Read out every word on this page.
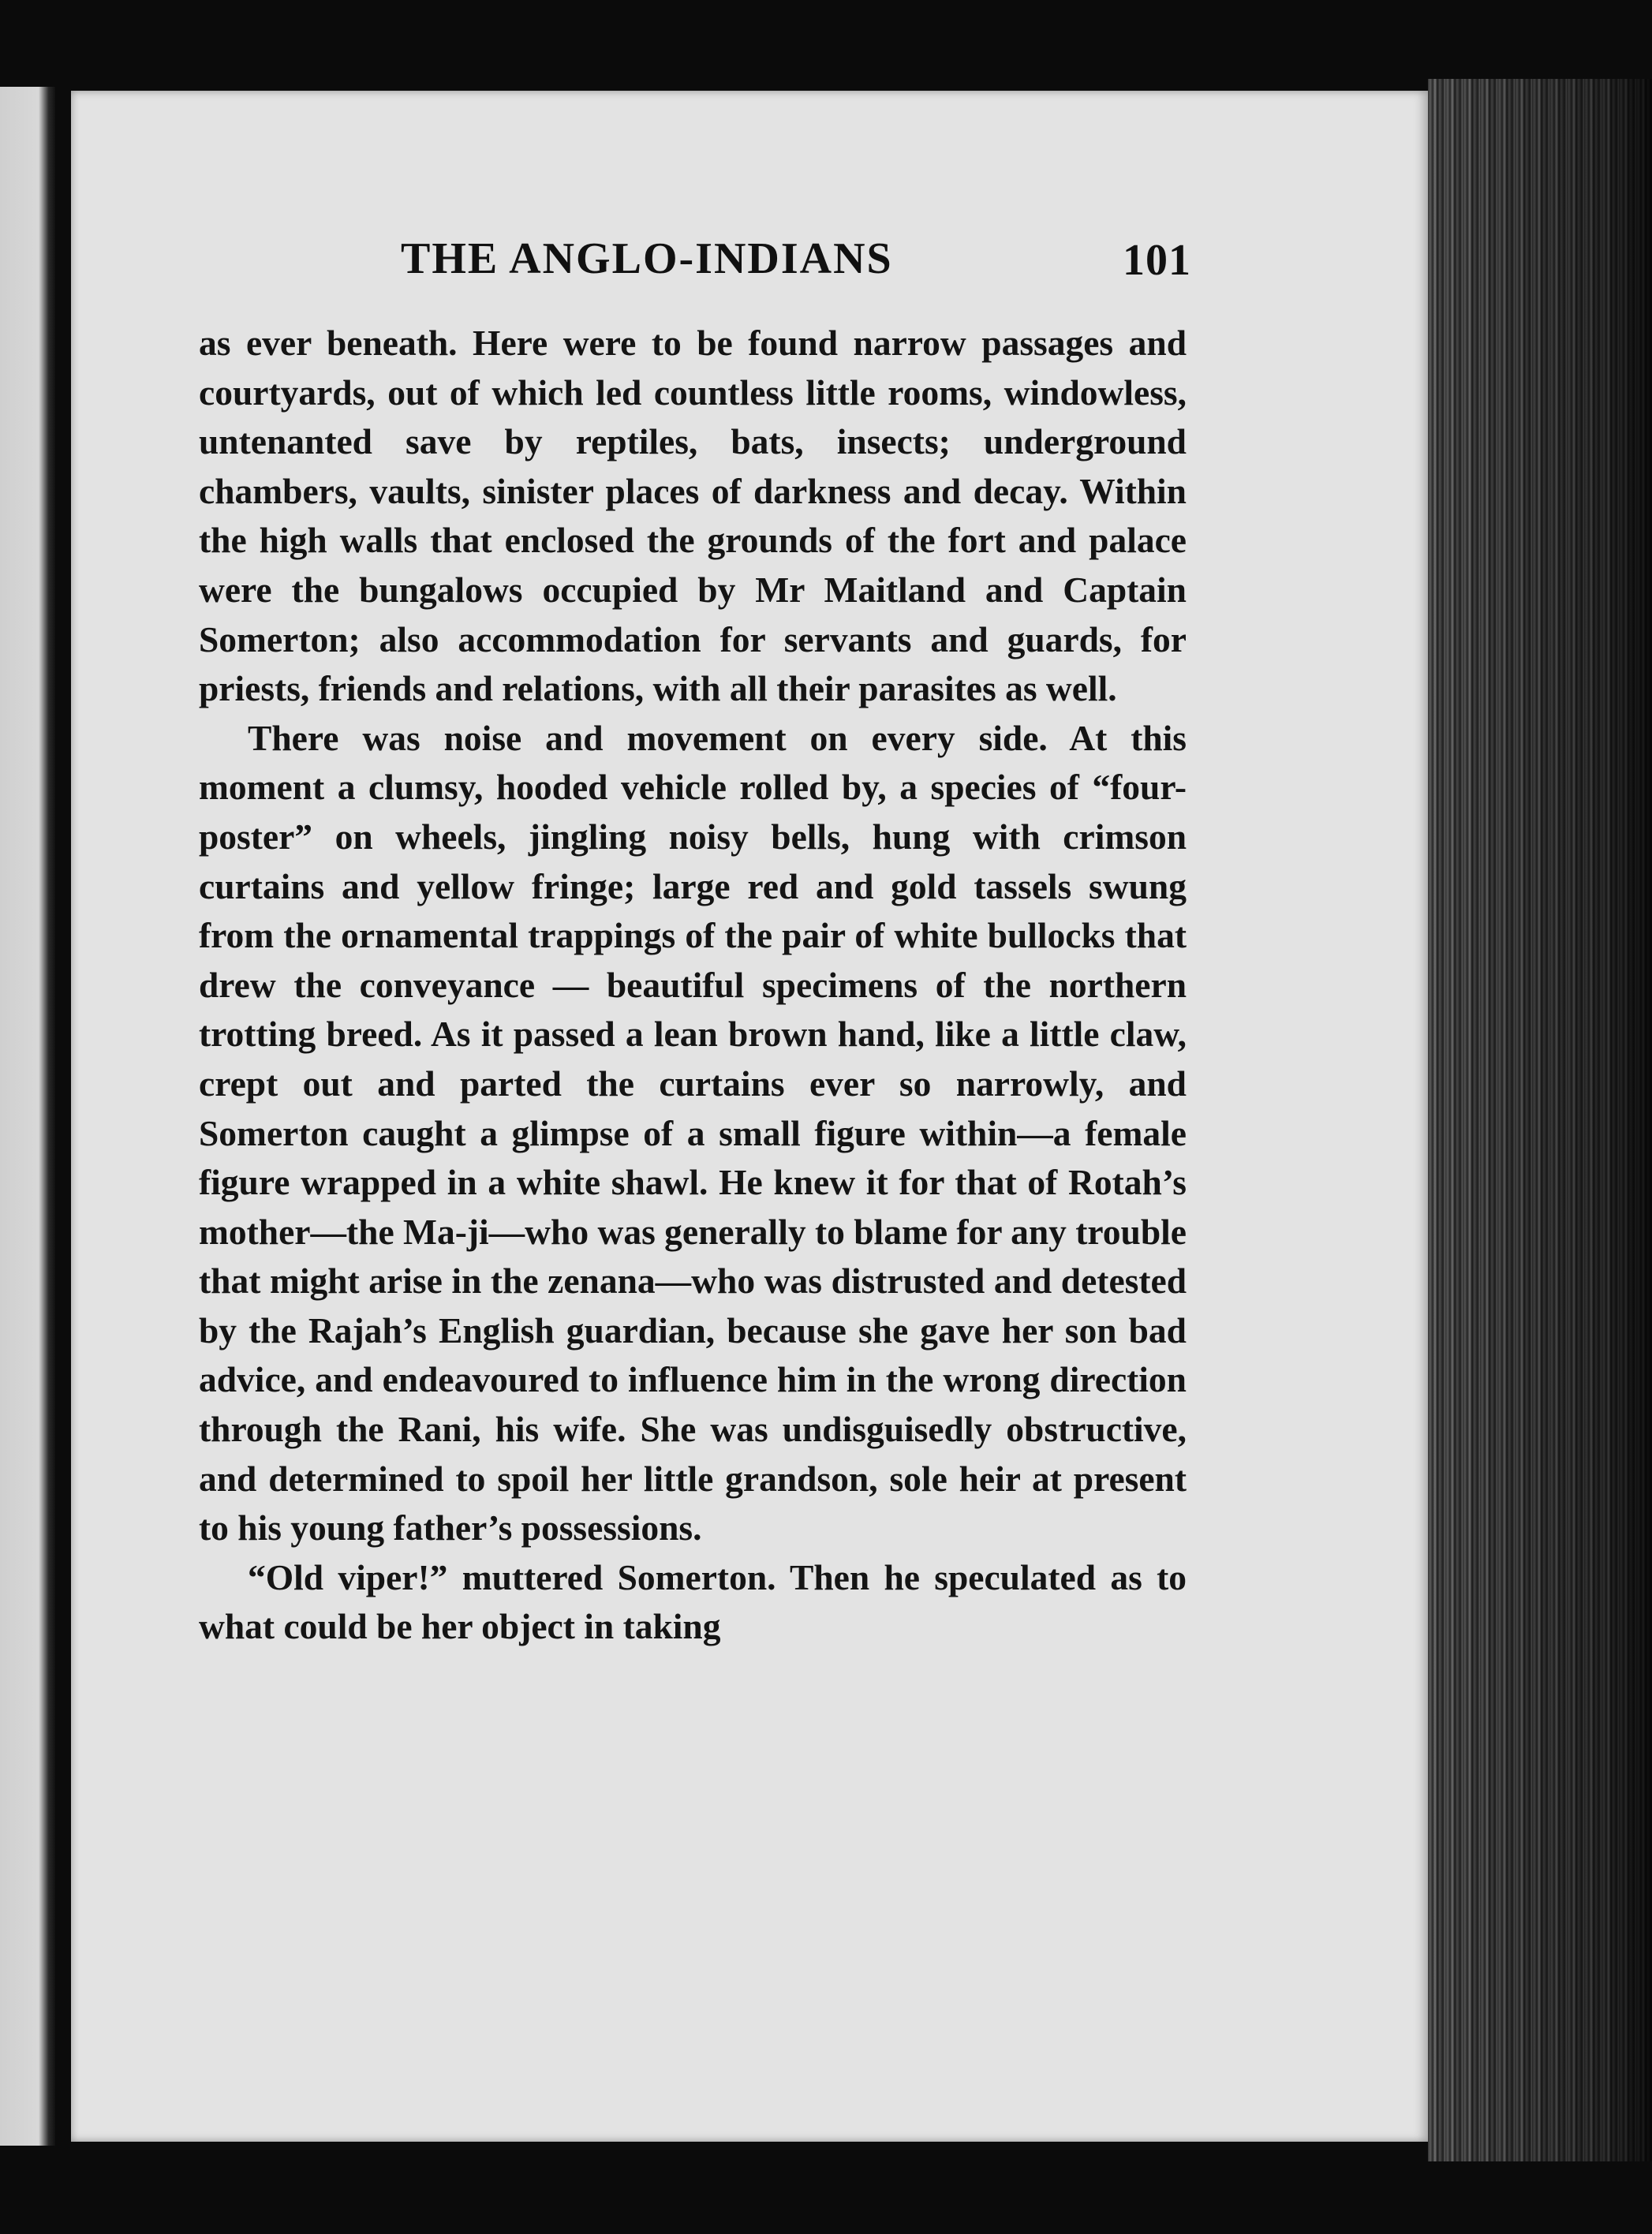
THE ANGLO-INDIANS	101

as ever beneath. Here were to be found narrow passages and courtyards, out of which led countless little rooms, windowless, untenanted save by reptiles, bats, insects; underground chambers, vaults, sinister places of darkness and decay. Within the high walls that enclosed the grounds of the fort and palace were the bungalows occupied by Mr Maitland and Captain Somerton; also accommodation for servants and guards, for priests, friends and relations, with all their parasites as well.

There was noise and movement on every side. At this moment a clumsy, hooded vehicle rolled by, a species of “four-poster” on wheels, jingling noisy bells, hung with crimson curtains and yellow fringe; large red and gold tassels swung from the ornamental trappings of the pair of white bullocks that drew the conveyance — beautiful specimens of the northern trotting breed. As it passed a lean brown hand, like a little claw, crept out and parted the curtains ever so narrowly, and Somerton caught a glimpse of a small figure within—a female figure wrapped in a white shawl. He knew it for that of Rotah’s mother—the Ma-ji—who was generally to blame for any trouble that might arise in the zenana—who was distrusted and detested by the Rajah’s English guardian, because she gave her son bad advice, and endeavoured to influence him in the wrong direction through the Rani, his wife. She was undisguisedly obstructive, and determined to spoil her little grandson, sole heir at present to his young father’s possessions.

“Old viper!” muttered Somerton. Then he speculated as to what could be her object in taking
